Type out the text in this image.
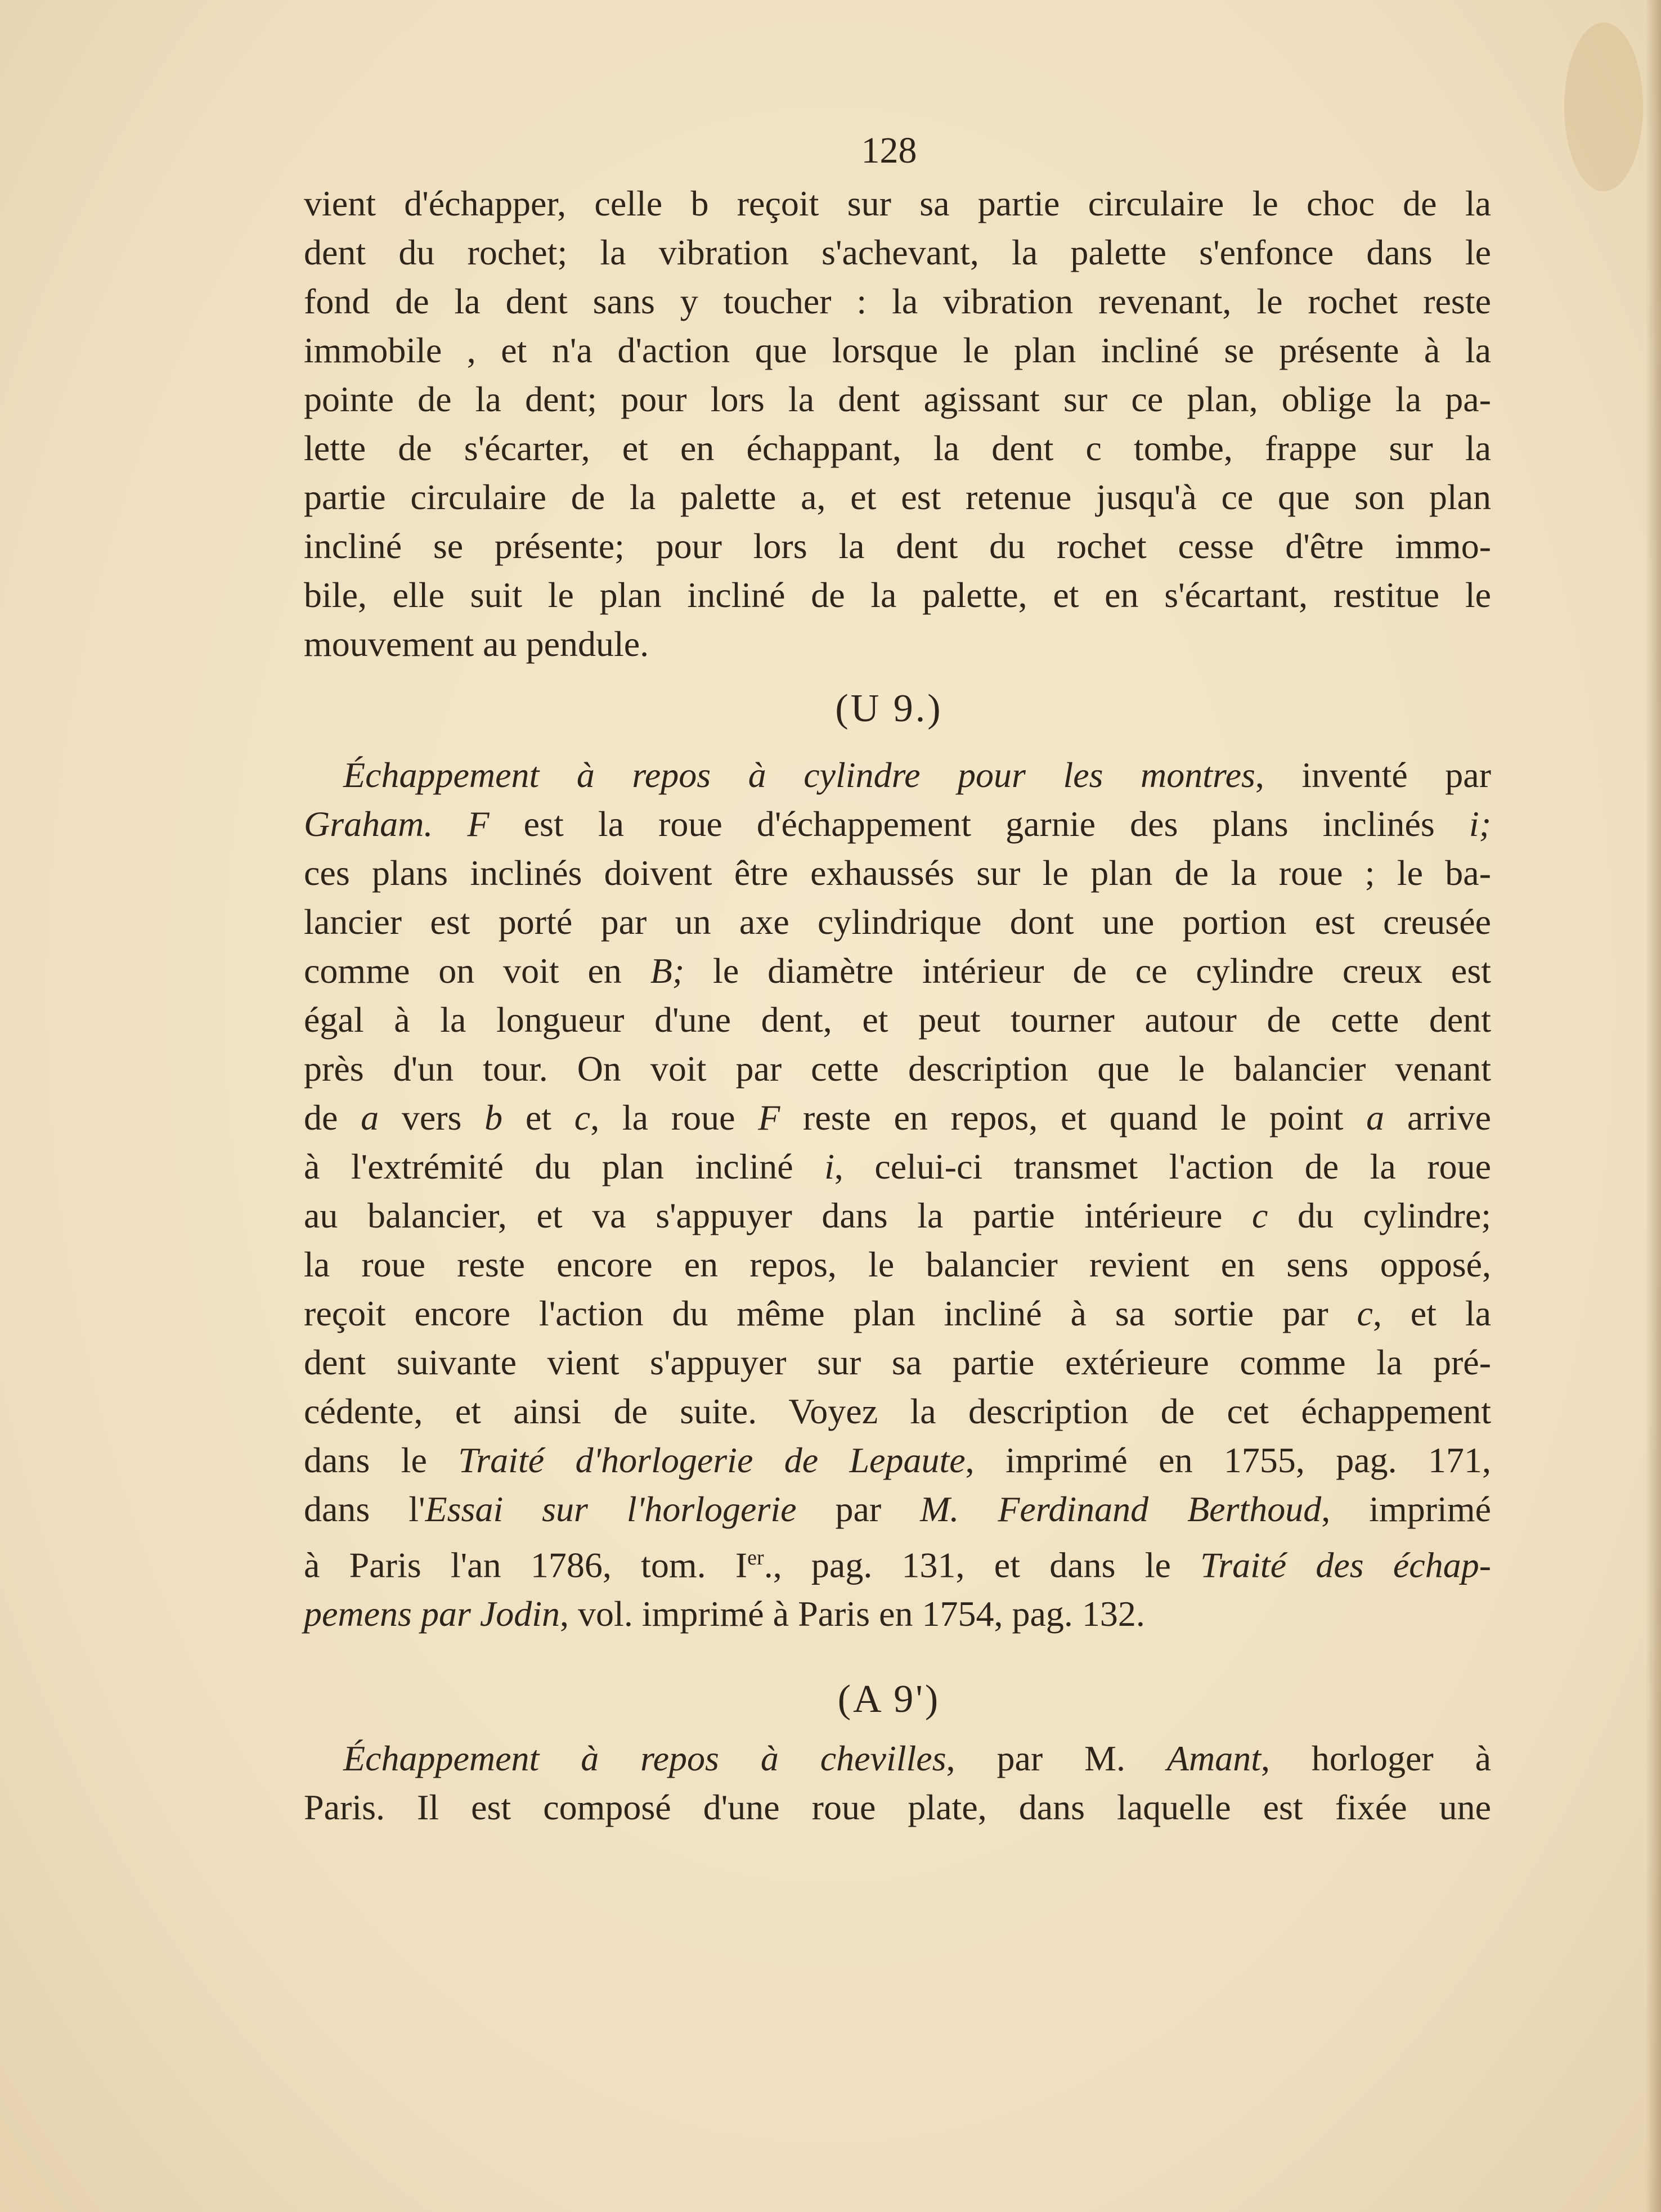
128
vient d'échapper, celle b reçoit sur sa partie circulaire le choc de la
dent du rochet; la vibration s'achevant, la palette s'enfonce dans le
fond de la dent sans y toucher : la vibration revenant, le rochet reste
immobile , et n'a d'action que lorsque le plan incliné se présente à la
pointe de la dent; pour lors la dent agissant sur ce plan, oblige la pa-
lette de s'écarter, et en échappant, la dent c tombe, frappe sur la
partie circulaire de la palette a, et est retenue jusqu'à ce que son plan
incliné se présente; pour lors la dent du rochet cesse d'être immo-
bile, elle suit le plan incliné de la palette, et en s'écartant, restitue le
mouvement au pendule.
(U 9.)
Échappement à repos à cylindre pour les montres, inventé par
Graham. F est la roue d'échappement garnie des plans inclinés i;
ces plans inclinés doivent être exhaussés sur le plan de la roue ; le ba-
lancier est porté par un axe cylindrique dont une portion est creusée
comme on voit en B; le diamètre intérieur de ce cylindre creux est
égal à la longueur d'une dent, et peut tourner autour de cette dent
près d'un tour. On voit par cette description que le balancier venant
de a vers b et c, la roue F reste en repos, et quand le point a arrive
à l'extrémité du plan incliné i, celui-ci transmet l'action de la roue
au balancier, et va s'appuyer dans la partie intérieure c du cylindre;
la roue reste encore en repos, le balancier revient en sens opposé,
reçoit encore l'action du même plan incliné à sa sortie par c, et la
dent suivante vient s'appuyer sur sa partie extérieure comme la pré-
cédente, et ainsi de suite. Voyez la description de cet échappement
dans le Traité d'horlogerie de Lepaute, imprimé en 1755, pag. 171,
dans l'Essai sur l'horlogerie par M. Ferdinand Berthoud, imprimé
à Paris l'an 1786, tom. Ier., pag. 131, et dans le Traité des échap-
pemens par Jodin, vol. imprimé à Paris en 1754, pag. 132.
(A 9')
Échappement à repos à chevilles, par M. Amant, horloger à
Paris. Il est composé d'une roue plate, dans laquelle est fixée une
